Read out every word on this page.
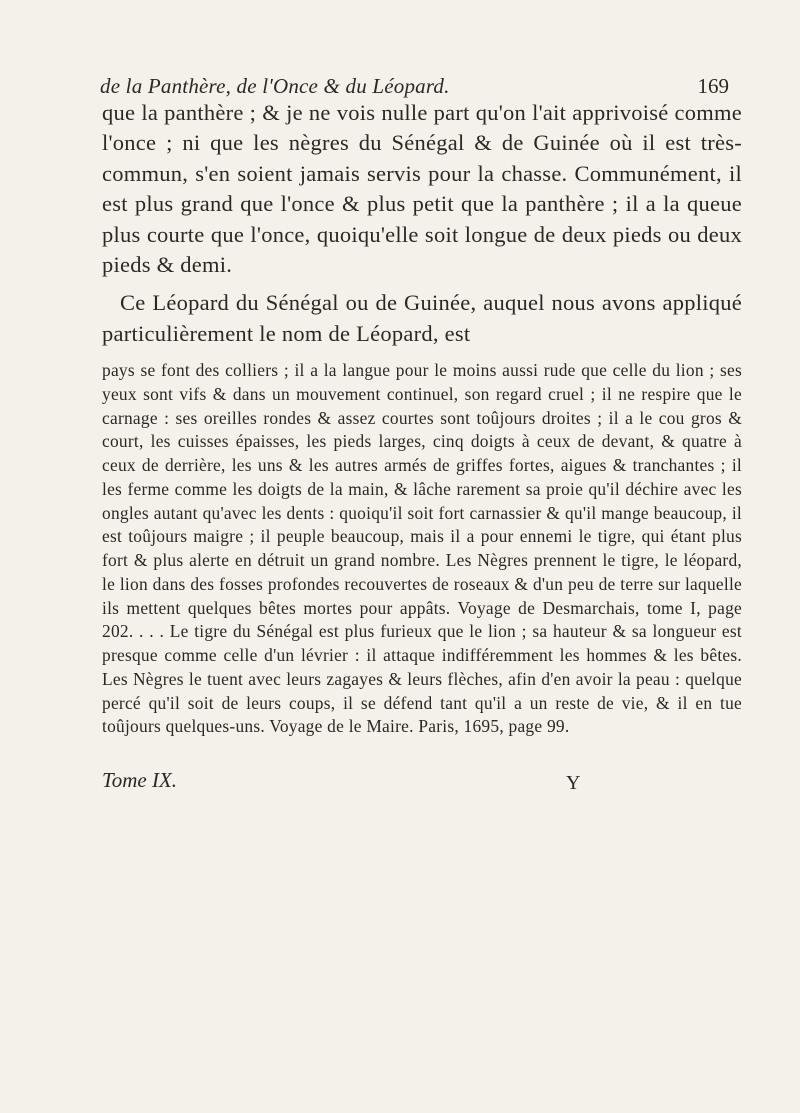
de la Panthère, de l'Once & du Léopard.	169

que la panthère ; & je ne vois nulle part qu'on l'ait apprivoisé comme l'once ; ni que les nègres du Sénégal & de Guinée où il est très-commun, s'en soient jamais servis pour la chasse. Communément, il est plus grand que l'once & plus petit que la panthère ; il a la queue plus courte que l'once, quoiqu'elle soit longue de deux pieds ou deux pieds & demi.

Ce Léopard du Sénégal ou de Guinée, auquel nous avons appliqué particulièrement le nom de Léopard, est

pays se font des colliers ; il a la langue pour le moins aussi rude que celle du lion ; ses yeux sont vifs & dans un mouvement continuel, son regard cruel ; il ne respire que le carnage : ses oreilles rondes & assez courtes sont toûjours droites ; il a le cou gros & court, les cuisses épaisses, les pieds larges, cinq doigts à ceux de devant, & quatre à ceux de derrière, les uns & les autres armés de griffes fortes, aigues & tranchantes ; il les ferme comme les doigts de la main, & lâche rarement sa proie qu'il déchire avec les ongles autant qu'avec les dents : quoiqu'il soit fort carnassier & qu'il mange beaucoup, il est toûjours maigre ; il peuple beaucoup, mais il a pour ennemi le tigre, qui étant plus fort & plus alerte en détruit un grand nombre. Les Nègres prennent le tigre, le léopard, le lion dans des fosses profondes recouvertes de roseaux & d'un peu de terre sur laquelle ils mettent quelques bêtes mortes pour appâts. Voyage de Desmarchais, tome I, page 202. . . . Le tigre du Sénégal est plus furieux que le lion ; sa hauteur & sa longueur est presque comme celle d'un lévrier : il attaque indifféremment les hommes & les bêtes. Les Nègres le tuent avec leurs zagayes & leurs flèches, afin d'en avoir la peau : quelque percé qu'il soit de leurs coups, il se défend tant qu'il a un reste de vie, & il en tue toûjours quelques-uns. Voyage de le Maire. Paris, 1695, page 99.

Tome IX.	Y
